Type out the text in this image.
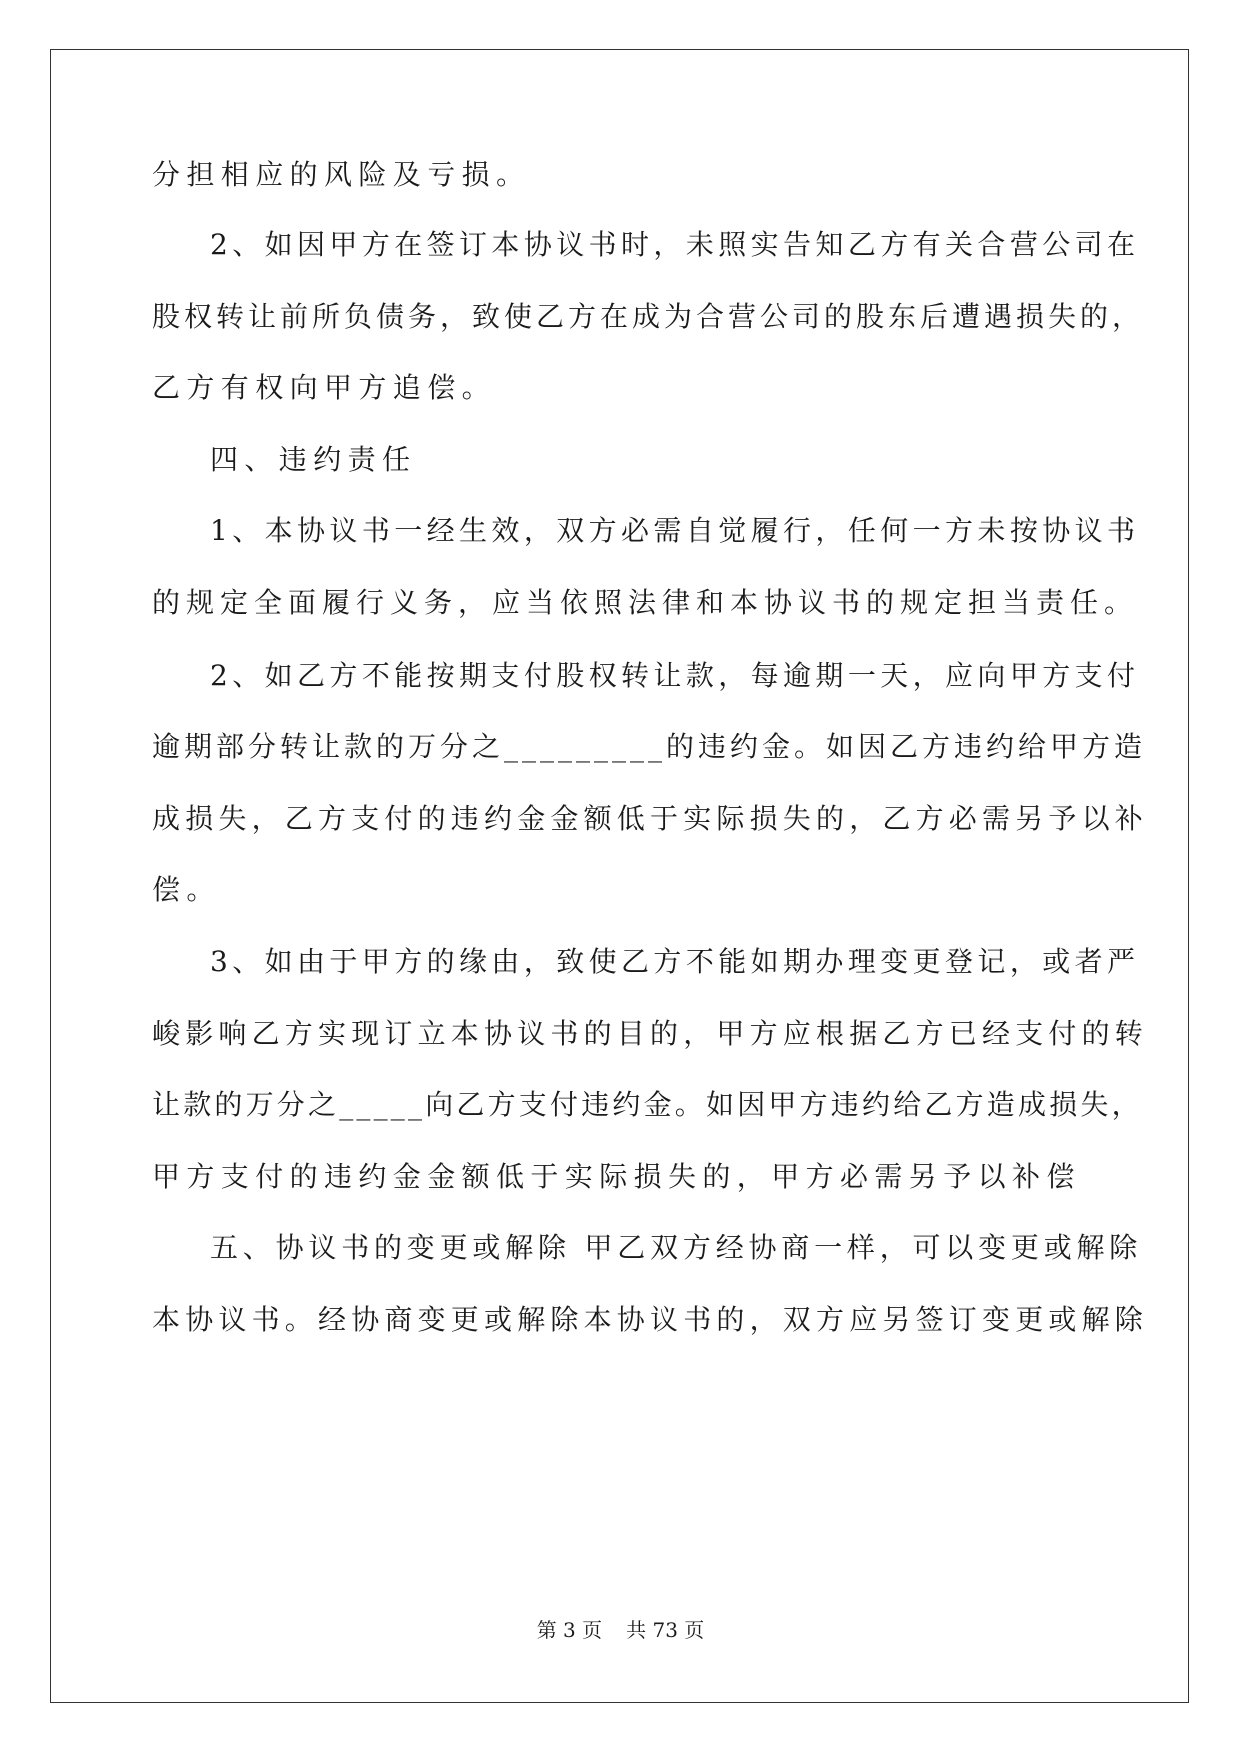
分担相应的风险及亏损。
2、如因甲方在签订本协议书时，未照实告知乙方有关合营公司在
股权转让前所负债务，致使乙方在成为合营公司的股东后遭遇损失的，
乙方有权向甲方追偿。
四、违约责任
1、本协议书一经生效，双方必需自觉履行，任何一方未按协议书
的规定全面履行义务，应当依照法律和本协议书的规定担当责任。
2、如乙方不能按期支付股权转让款，每逾期一天，应向甲方支付
逾期部分转让款的万分之_________的违约金。如因乙方违约给甲方造
成损失，乙方支付的违约金金额低于实际损失的，乙方必需另予以补
偿。
3、如由于甲方的缘由，致使乙方不能如期办理变更登记，或者严
峻影响乙方实现订立本协议书的目的，甲方应根据乙方已经支付的转
让款的万分之_____向乙方支付违约金。如因甲方违约给乙方造成损失，
甲方支付的违约金金额低于实际损失的，甲方必需另予以补偿
五、协议书的变更或解除 甲乙双方经协商一样，可以变更或解除
本协议书。经协商变更或解除本协议书的，双方应另签订变更或解除
第 3 页 共 73 页
